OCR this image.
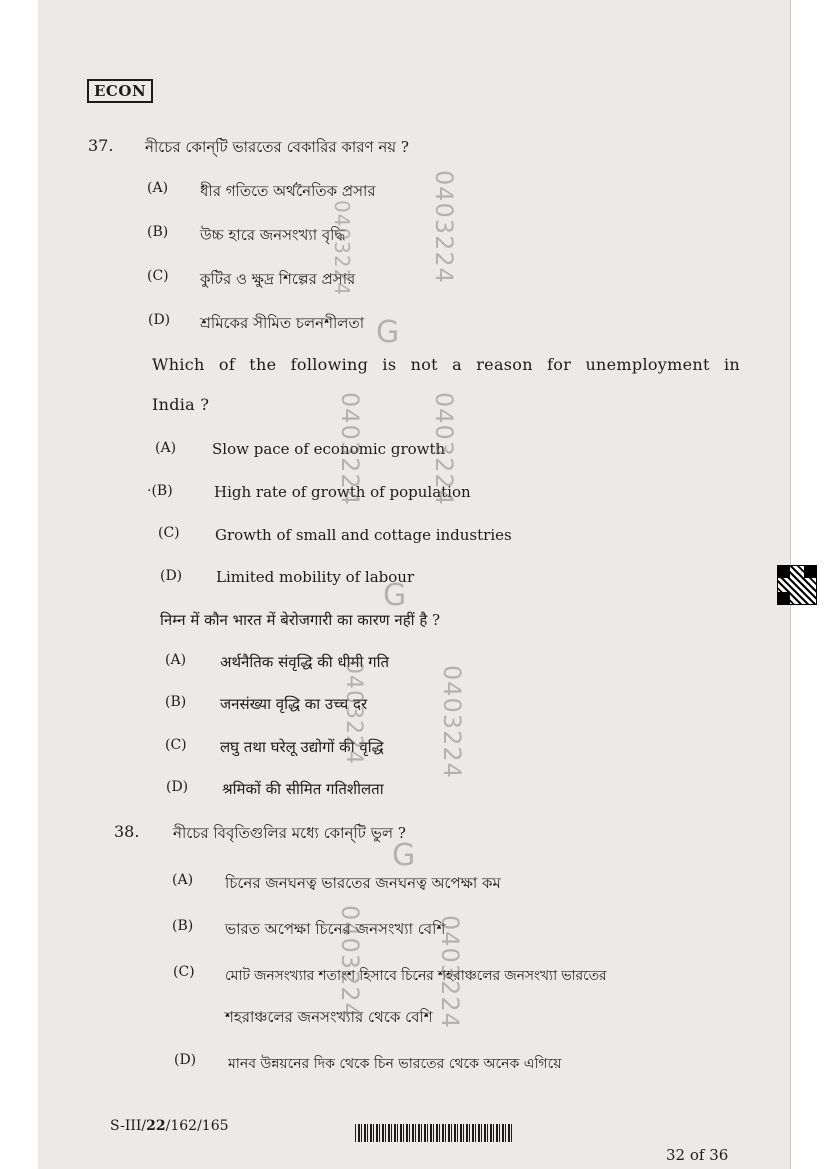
ECON
37. নীচের কোন্‌টি ভারতের বেকারির কারণ নয় ?
(A) ধীর গতিতে অর্থনৈতিক প্রসার
(B) উচ্চ হারে জনসংখ্যা বৃদ্ধি
(C) কুটির ও ক্ষুদ্র শিল্পের প্রসার
(D) শ্রমিকের সীমিত চলনশীলতা
Which of the following is not a reason for unemployment in
India ?
(A) Slow pace of economic growth
·(B)	High rate of growth of population
(C) Growth of small and cottage industries
(D) Limited mobility of labour
निम्न में कौन भारत में बेरोजगारी का कारण नहीं है ?
(A) अर्थनैतिक संवृद्धि की धीमी गति
(B) जनसंख्या वृद्धि का उच्च दर
(C) लघु तथा घरेलू उद्योगों की वृद्धि
(D) श्रमिकों की सीमित गतिशीलता
38. নীচের বিবৃতিগুলির মধ্যে কোন্‌টি ভুল ?
(A) চিনের জনঘনত্ব ভারতের জনঘনত্ব অপেক্ষা কম
(B) ভারত অপেক্ষা চিনের জনসংখ্যা বেশি
(C) মোট জনসংখ্যার শতাংশ হিসাবে চিনের শহরাঞ্চলের জনসংখ্যা ভারতের
শহরাঞ্চলের জনসংখ্যার থেকে বেশি
(D) মানব উন্নয়নের দিক থেকে চিন ভারতের থেকে অনেক এগিয়ে
0403224
0403224
G
0403224	0403224
G
0403224	0403224
G
0403224	0403224
S-III/22/162/165
32 of 36
